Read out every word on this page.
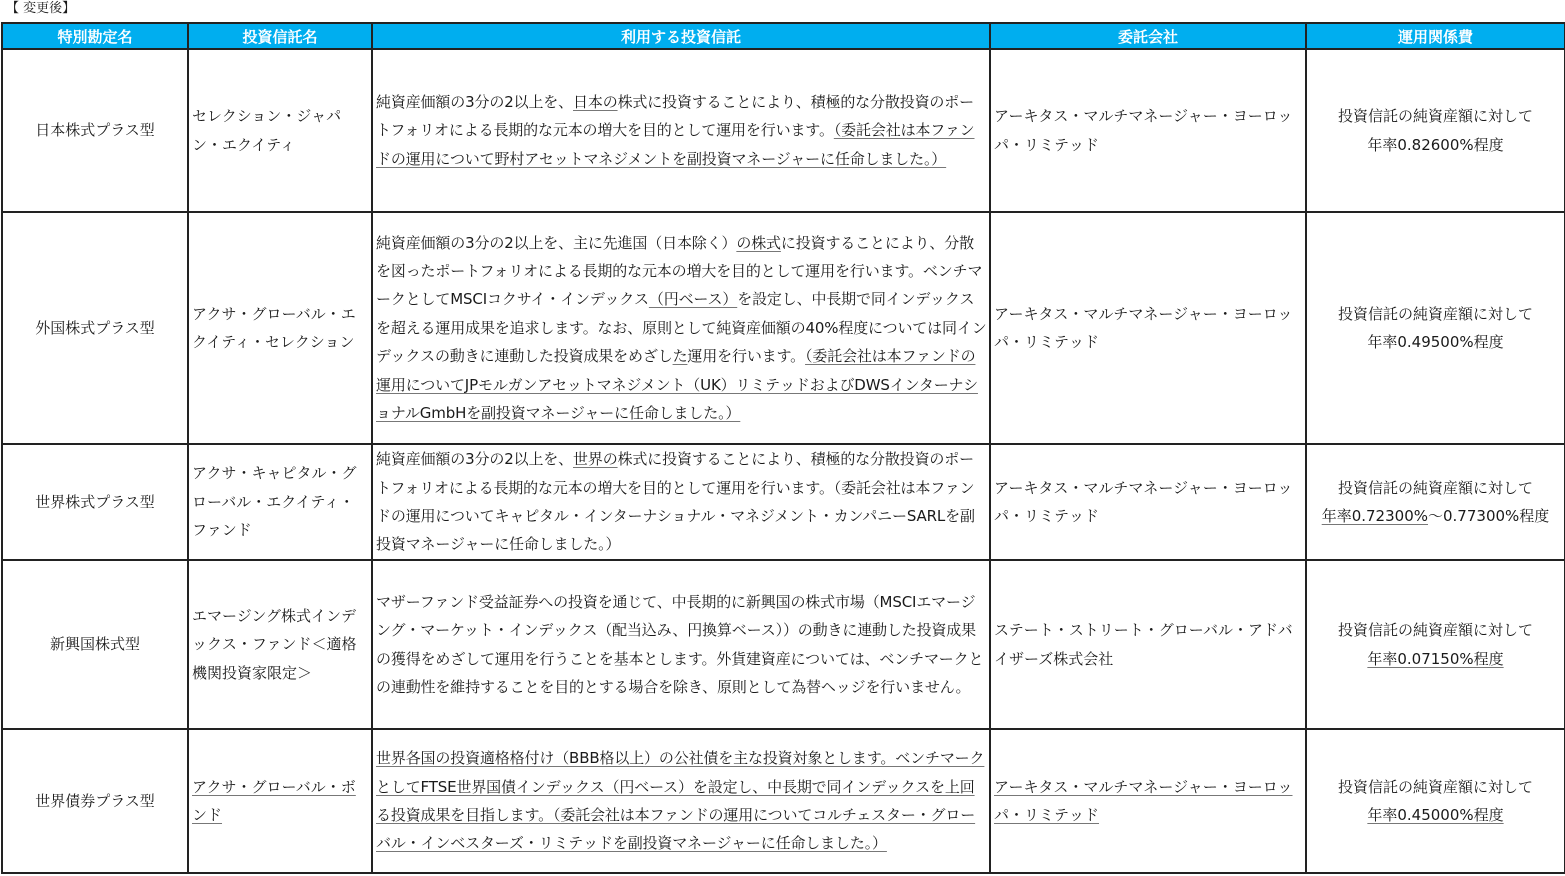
【 変更後】
特別勘定名	投資信託名	利用する投資信託	委託会社	運用関係費
日本株式プラス型	セレクション・ジャパン・エクイティ	純資産価額の3分の2以上を、日本の株式に投資することにより、積極的な分散投資のポートフォリオによる長期的な元本の増大を目的として運用を行います。（委託会社は本ファンドの運用について野村アセットマネジメントを副投資マネージャーに任命しました。）	アーキタス・マルチマネージャー・ヨーロッパ・リミテッド	投資信託の純資産額に対して
年率0.82600%程度

外国株式プラス型	アクサ・グローバル・エクイティ・セレクション	純資産価額の3分の2以上を、主に先進国（日本除く）の株式に投資することにより、分散を図ったポートフォリオによる長期的な元本の増大を目的として運用を行います。ベンチマークとしてMSCIコクサイ・インデックス（円ベース）を設定し、中長期で同インデックスを超える運用成果を追求します。なお、原則として純資産価額の40%程度については同インデックスの動きに連動した投資成果をめざした運用を行います。（委託会社は本ファンドの運用についてJPモルガンアセットマネジメント（UK）リミテッドおよびDWSインターナショナルGmbHを副投資マネージャーに任命しました。）	アーキタス・マルチマネージャー・ヨーロッパ・リミテッド	投資信託の純資産額に対して
年率0.49500%程度

世界株式プラス型	アクサ・キャピタル・グローバル・エクイティ・ファンド	純資産価額の3分の2以上を、世界の株式に投資することにより、積極的な分散投資のポートフォリオによる長期的な元本の増大を目的として運用を行います。（委託会社は本ファンドの運用についてキャピタル・インターナショナル・マネジメント・カンパニーSARLを副投資マネージャーに任命しました。）	アーキタス・マルチマネージャー・ヨーロッパ・リミテッド	投資信託の純資産額に対して
年率0.72300%～0.77300%程度

新興国株式型	エマージング株式インデックス・ファンド＜適格機関投資家限定＞	マザーファンド受益証券への投資を通じて、中長期的に新興国の株式市場（MSCIエマージング・マーケット・インデックス（配当込み、円換算ベース））の動きに連動した投資成果の獲得をめざして運用を行うことを基本とします。外貨建資産については、ベンチマークとの連動性を維持することを目的とする場合を除き、原則として為替ヘッジを行いません。	ステート・ストリート・グローバル・アドバイザーズ株式会社	投資信託の純資産額に対して
年率0.07150%程度

世界債券プラス型	アクサ・グローバル・ボンド	世界各国の投資適格格付け（BBB格以上）の公社債を主な投資対象とします。ベンチマークとしてFTSE世界国債インデックス（円ベース）を設定し、中長期で同インデックスを上回る投資成果を目指します。（委託会社は本ファンドの運用についてコルチェスター・グローバル・インベスターズ・リミテッドを副投資マネージャーに任命しました。）	アーキタス・マルチマネージャー・ヨーロッパ・リミテッド	投資信託の純資産額に対して
年率0.45000%程度
